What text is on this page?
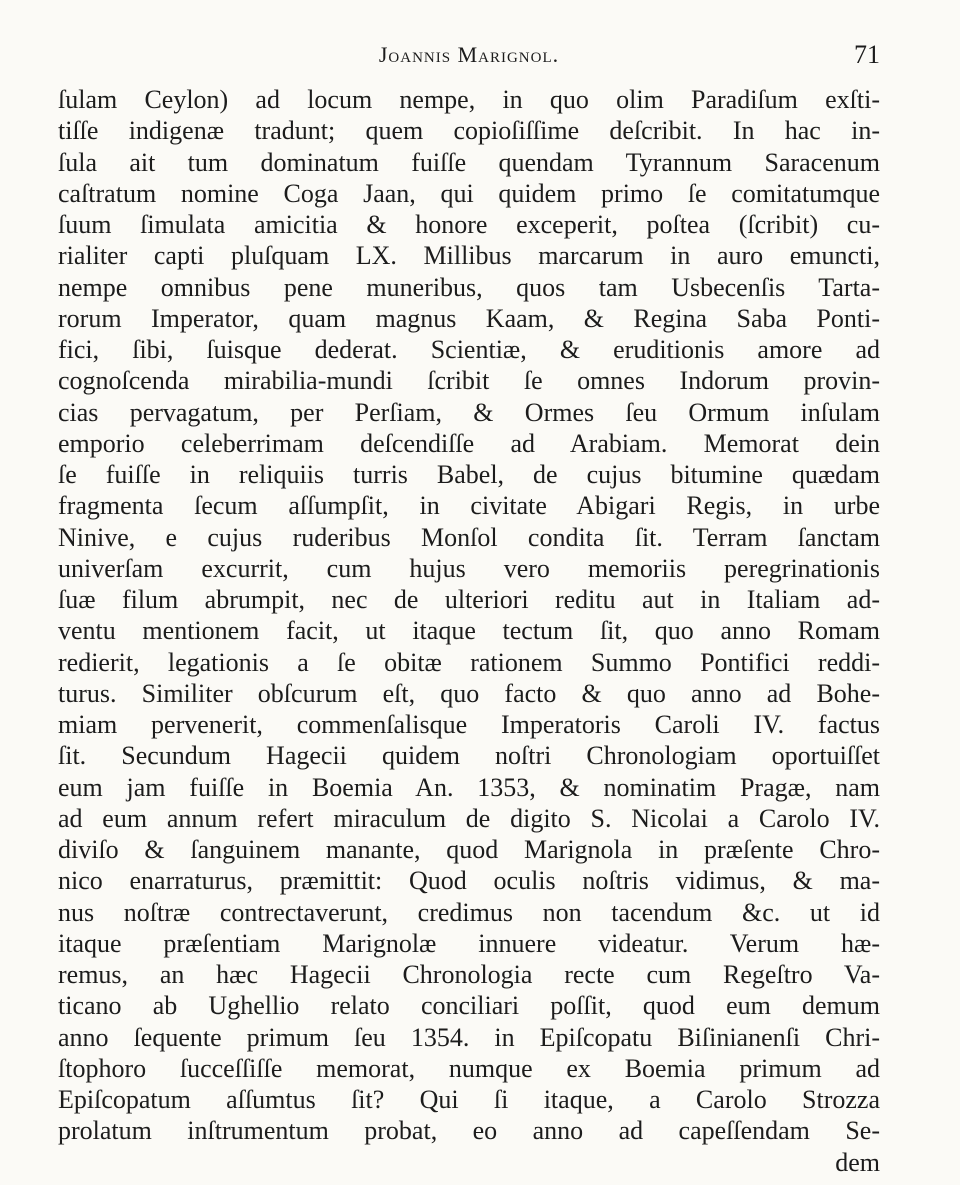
Joannis Marignol.	71
ſulam Ceylon) ad locum nempe, in quo olim Paradiſum exſti-
tiſſe indigenæ tradunt; quem copioſiſſime deſcribit. In hac in-
ſula ait tum dominatum fuiſſe quendam Tyrannum Saracenum
caſtratum nomine Coga Jaan, qui quidem primo ſe comitatumque
ſuum ſimulata amicitia & honore exceperit, poſtea (ſcribit) cu-
rialiter capti pluſquam LX. Millibus marcarum in auro emuncti,
nempe omnibus pene muneribus, quos tam Usbecenſis Tarta-
rorum Imperator, quam magnus Kaam, & Regina Saba Ponti-
fici, ſibi, ſuisque dederat. Scientiæ, & eruditionis amore ad
cognoſcenda mirabilia-mundi ſcribit ſe omnes Indorum provin-
cias pervagatum, per Perſiam, & Ormes ſeu Ormum inſulam
emporio celeberrimam deſcendiſſe ad Arabiam. Memorat dein
ſe fuiſſe in reliquiis turris Babel, de cujus bitumine quædam
fragmenta ſecum aſſumpſit, in civitate Abigari Regis, in urbe
Ninive, e cujus ruderibus Monſol condita ſit. Terram ſanctam
univerſam excurrit, cum hujus vero memoriis peregrinationis
ſuæ filum abrumpit, nec de ulteriori reditu aut in Italiam ad-
ventu mentionem facit, ut itaque tectum ſit, quo anno Romam
redierit, legationis a ſe obitæ rationem Summo Pontifici reddi-
turus. Similiter obſcurum eſt, quo facto & quo anno ad Bohe-
miam pervenerit, commenſalisque Imperatoris Caroli IV. factus
ſit. Secundum Hagecii quidem noſtri Chronologiam oportuiſſet
eum jam fuiſſe in Boemia An. 1353, & nominatim Pragæ, nam
ad eum annum refert miraculum de digito S. Nicolai a Carolo IV.
diviſo & ſanguinem manante, quod Marignola in præſente Chro-
nico enarraturus, præmittit: Quod oculis noſtris vidimus, & ma-
nus noſtræ contrectaverunt, credimus non tacendum &c. ut id
itaque præſentiam Marignolæ innuere videatur. Verum hæ-
remus, an hæc Hagecii Chronologia recte cum Regeſtro Va-
ticano ab Ughellio relato conciliari poſſit, quod eum demum
anno ſequente primum ſeu 1354. in Epiſcopatu Biſinianenſi Chri-
ſtophoro ſucceſſiſſe memorat, numque ex Boemia primum ad
Epiſcopatum aſſumtus ſit? Qui ſi itaque, a Carolo Strozza
prolatum inſtrumentum probat, eo anno ad capeſſendam Se-
dem
